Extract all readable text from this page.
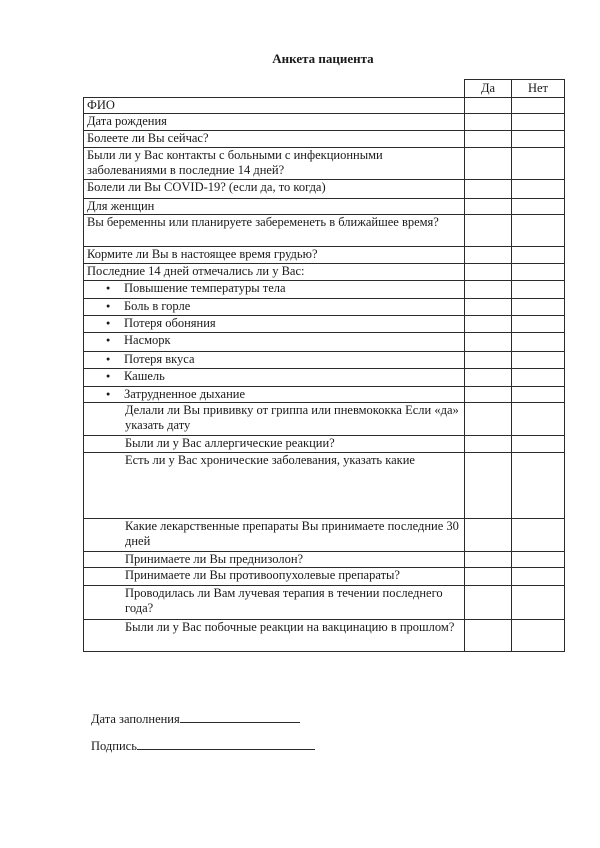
Анкета пациента
	Да	Нет
ФИО		
Дата рождения		
Болеете ли Вы сейчас?		
Были ли у Вас контакты с больными с инфекционными заболеваниями в последние 14 дней?		
Болели ли Вы COVID-19? (если да, то когда)		
Для женщин		
Вы беременны или планируете забеременеть в ближайшее время?		
Кормите ли Вы в настоящее время грудью?		
Последние 14 дней отмечались ли у Вас:		
● Повышение температуры тела		
● Боль в горле		
● Потеря обоняния		
● Насморк		
● Потеря вкуса		
● Кашель		
● Затрудненное дыхание		
Делали ли Вы прививку от гриппа или пневмококка Если «да» указать дату		
Были ли у Вас аллергические реакции?		
Есть ли у Вас хронические заболевания, указать какие		
Какие лекарственные препараты Вы принимаете последние 30 дней		
Принимаете ли Вы преднизолон?		
Принимаете ли Вы противоопухолевые препараты?		
Проводилась ли Вам лучевая терапия в течении последнего года?		
Были ли у Вас побочные реакции на вакцинацию в прошлом?		
Дата заполнения
Подпись
